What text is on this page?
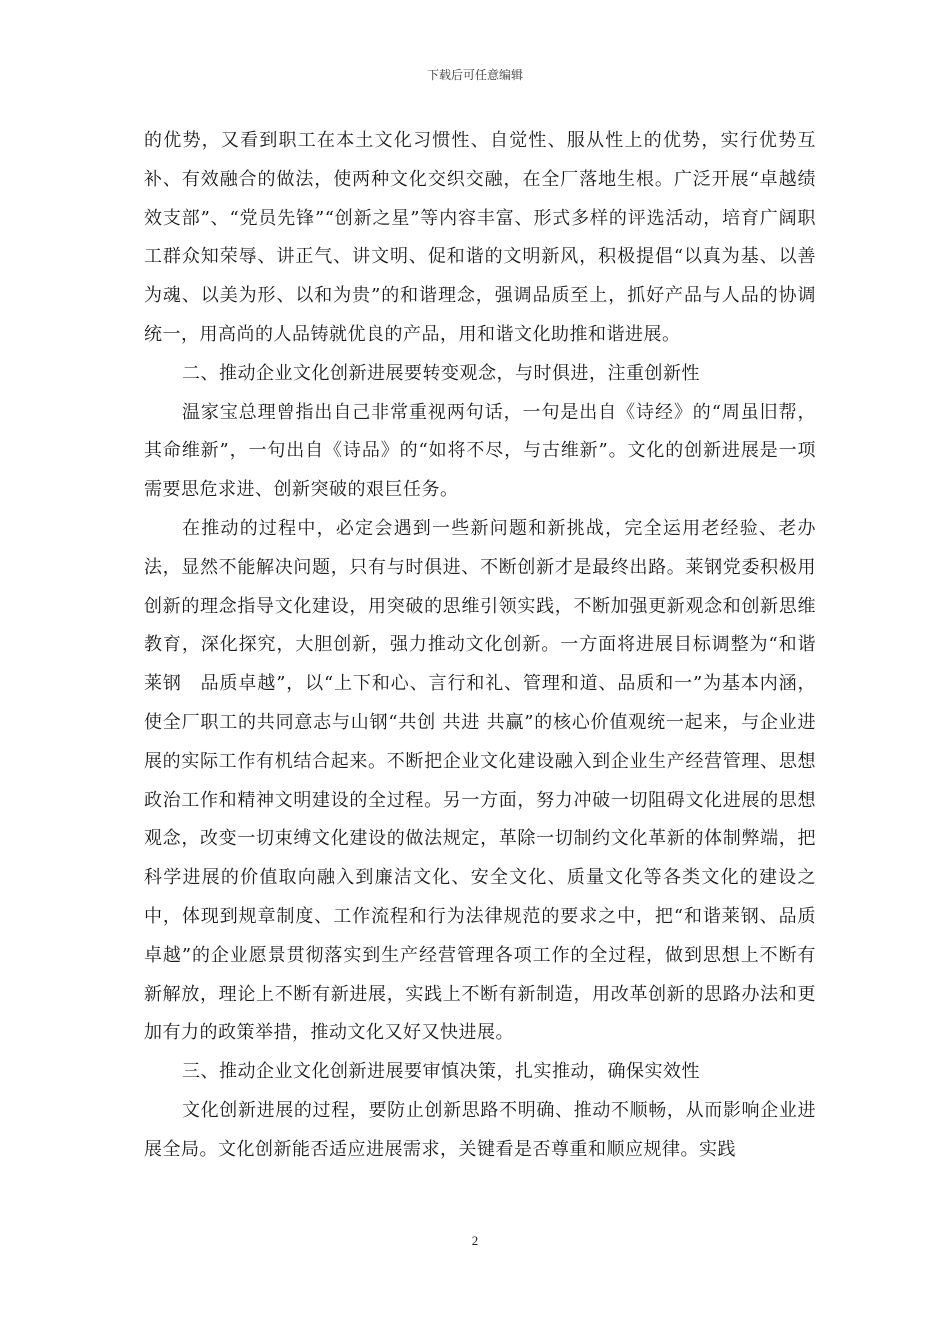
下载后可任意编辑

的优势，又看到职工在本土文化习惯性、自觉性、服从性上的优势，实行优势互补、有效融合的做法，使两种文化交织交融，在全厂落地生根。广泛开展“卓越绩效支部”、“党员先锋”“创新之星”等内容丰富、形式多样的评选活动，培育广阔职工群众知荣辱、讲正气、讲文明、促和谐的文明新风，积极提倡“以真为基、以善为魂、以美为形、以和为贵”的和谐理念，强调品质至上，抓好产品与人品的协调统一，用高尚的人品铸就优良的产品，用和谐文化助推和谐进展。

二、推动企业文化创新进展要转变观念，与时俱进，注重创新性

温家宝总理曾指出自己非常重视两句话，一句是出自《诗经》的“周虽旧帮，其命维新”，一句出自《诗品》的“如将不尽，与古维新”。文化的创新进展是一项需要思危求进、创新突破的艰巨任务。

在推动的过程中，必定会遇到一些新问题和新挑战，完全运用老经验、老办法，显然不能解决问题，只有与时俱进、不断创新才是最终出路。莱钢党委积极用创新的理念指导文化建设，用突破的思维引领实践，不断加强更新观念和创新思维教育，深化探究，大胆创新，强力推动文化创新。一方面将进展目标调整为“和谐莱钢　品质卓越”，以“上下和心、言行和礼、管理和道、品质和一”为基本内涵，使全厂职工的共同意志与山钢“共创 共进 共赢”的核心价值观统一起来，与企业进展的实际工作有机结合起来。不断把企业文化建设融入到企业生产经营管理、思想政治工作和精神文明建设的全过程。另一方面，努力冲破一切阻碍文化进展的思想观念，改变一切束缚文化建设的做法规定，革除一切制约文化革新的体制弊端，把科学进展的价值取向融入到廉洁文化、安全文化、质量文化等各类文化的建设之中，体现到规章制度、工作流程和行为法律规范的要求之中，把“和谐莱钢、品质卓越”的企业愿景贯彻落实到生产经营管理各项工作的全过程，做到思想上不断有新解放，理论上不断有新进展，实践上不断有新制造，用改革创新的思路办法和更加有力的政策举措，推动文化又好又快进展。

三、推动企业文化创新进展要审慎决策，扎实推动，确保实效性

文化创新进展的过程，要防止创新思路不明确、推动不顺畅，从而影响企业进展全局。文化创新能否适应进展需求，关键看是否尊重和顺应规律。实践

2
